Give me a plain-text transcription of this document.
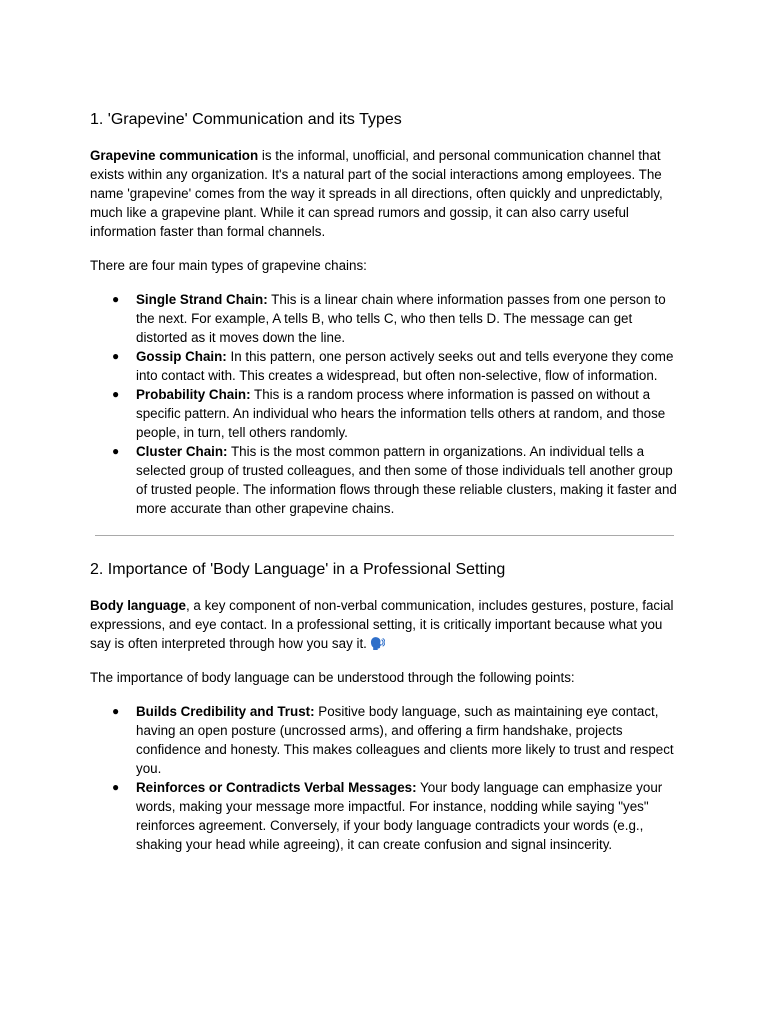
1. 'Grapevine' Communication and its Types

Grapevine communication is the informal, unofficial, and personal communication channel that exists within any organization. It's a natural part of the social interactions among employees. The name 'grapevine' comes from the way it spreads in all directions, often quickly and unpredictably, much like a grapevine plant. While it can spread rumors and gossip, it can also carry useful information faster than formal channels.

There are four main types of grapevine chains:

● Single Strand Chain: This is a linear chain where information passes from one person to the next. For example, A tells B, who tells C, who then tells D. The message can get distorted as it moves down the line.
● Gossip Chain: In this pattern, one person actively seeks out and tells everyone they come into contact with. This creates a widespread, but often non-selective, flow of information.
● Probability Chain: This is a random process where information is passed on without a specific pattern. An individual who hears the information tells others at random, and those people, in turn, tell others randomly.
● Cluster Chain: This is the most common pattern in organizations. An individual tells a selected group of trusted colleagues, and then some of those individuals tell another group of trusted people. The information flows through these reliable clusters, making it faster and more accurate than other grapevine chains.
2. Importance of 'Body Language' in a Professional Setting

Body language, a key component of non-verbal communication, includes gestures, posture, facial expressions, and eye contact. In a professional setting, it is critically important because what you say is often interpreted through how you say it.

The importance of body language can be understood through the following points:

● Builds Credibility and Trust: Positive body language, such as maintaining eye contact, having an open posture (uncrossed arms), and offering a firm handshake, projects confidence and honesty. This makes colleagues and clients more likely to trust and respect you.
● Reinforces or Contradicts Verbal Messages: Your body language can emphasize your words, making your message more impactful. For instance, nodding while saying "yes" reinforces agreement. Conversely, if your body language contradicts your words (e.g., shaking your head while agreeing), it can create confusion and signal insincerity.
